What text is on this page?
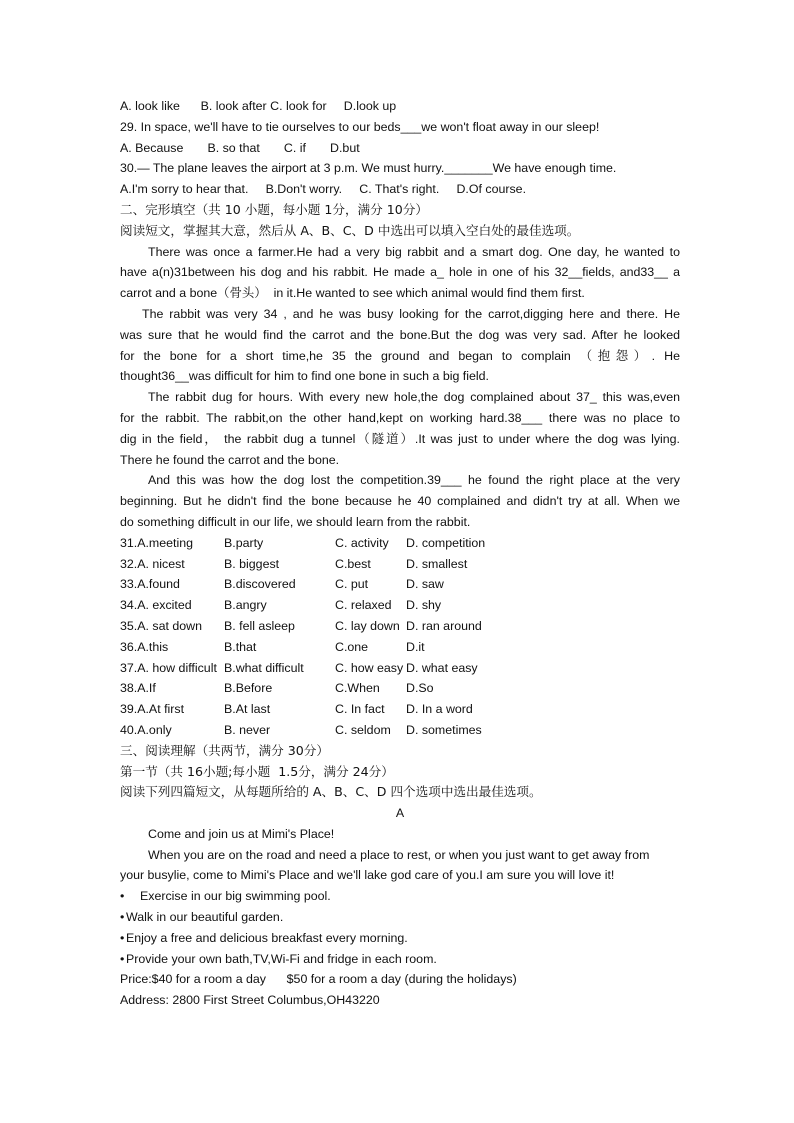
A. look like      B. look after C. look for     D.look up
29. In space, we'll have to tie ourselves to our beds___we won't float away in our sleep!
A. Because       B. so that       C. if       D.but
30.— The plane leaves the airport at 3 p.m. We must hurry._______We have enough time.
A.I'm sorry to hear that.     B.Don't worry.     C. That's right.     D.Of course.
二、完形填空（共 10 小题，每小题 1分，满分 10分）
阅读短文，掌握其大意，然后从 A、B、C、D 中选出可以填入空白处的最佳选项。
There was once a farmer.He had a very big rabbit and a smart dog. One day, he wanted to
have a(n)31between his dog and his rabbit. He made a_ hole in one of his 32__fields, and33__ a
carrot and a bone（骨头）  in it.He wanted to see which animal would find them first.
The rabbit was very 34 , and he was busy looking for the carrot,digging here and there. He
was sure that he would find the carrot and the bone.But the dog was very sad. After he looked
for the bone for a short time,he 35 the ground and began to complain （抱怨）. He
thought36__was difficult for him to find one bone in such a big field.
The rabbit dug for hours. With every new hole,the dog complained about 37_ this was,even
for the rabbit. The rabbit,on the other hand,kept on working hard.38___ there was no place to
dig in the field， the rabbit dug a tunnel（隧道）.It was just to under where the dog was lying.
There he found the carrot and the bone.
And this was how the dog lost the competition.39___ he found the right place at the very
beginning. But he didn't find the bone because he 40 complained and didn't try at all. When we
do something difficult in our life, we should learn from the rabbit.
31.A.meeting B.party	C. activity D. competition
32.A. nicest	B. biggest	C.best	D. smallest
33.A.found	B.discovered	C. put	D. saw
34.A. excited	B.angry	C. relaxed D. shy
35.A. sat down B. fell asleep	C. lay down D. ran around
36.A.this	B.that	C.one	D.it
37.A. how difficult B.what difficult	C. how easy D. what easy
38.A.If	B.Before	C.When D.So
39.A.At first	B.At last	C. In fact D. In a word
40.A.only	B. never	C. seldom D. sometimes
三、阅读理解（共两节，满分 30分）
第一节（共 16小题;每小题  1.5分，满分 24分）
阅读下列四篇短文，从每题所给的 A、B、C、D 四个选项中选出最佳选项。
A
Come and join us at Mimi's Place!
When you are on the road and need a place to rest, or when you just want to get away from
your busylie, come to Mimi's Place and we'll lake god care of you.I am sure you will love it!
• Exercise in our big swimming pool.
• Walk in our beautiful garden.
• Enjoy a free and delicious breakfast every morning.
• Provide your own bath,TV,Wi-Fi and fridge in each room.
Price:$40 for a room a day      $50 for a room a day (during the holidays)
Address: 2800 First Street Columbus,OH43220
